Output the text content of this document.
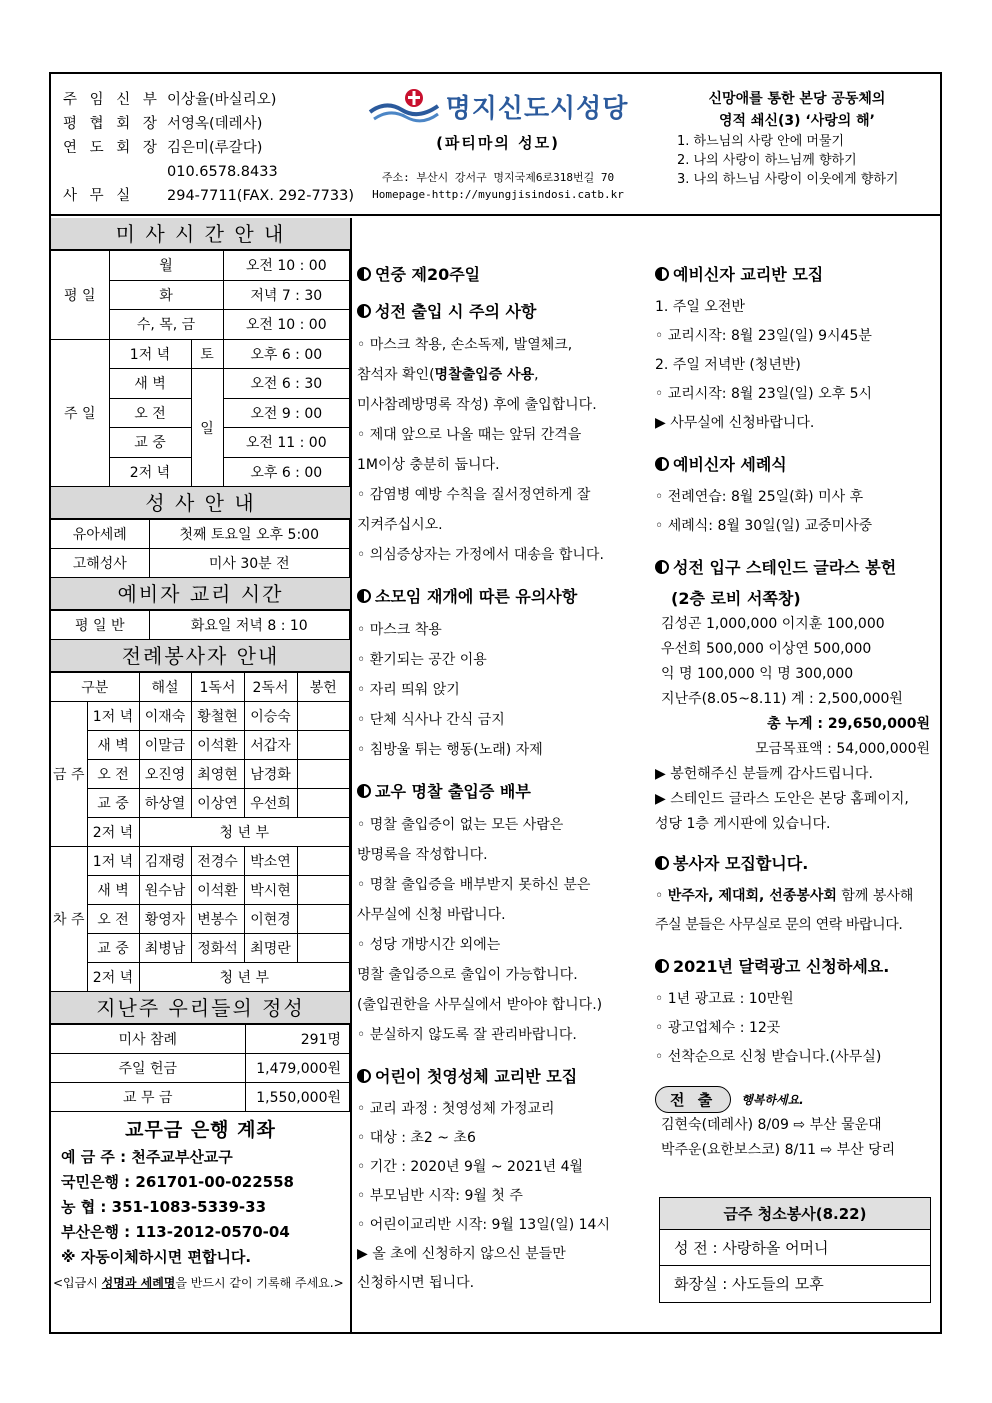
주 임 신 부 이상율(바실리오)
평 협 회 장 서영옥(데레사)
연 도 회 장 김은미(루갈다)
010.6578.8433
사 무 실	294-7711(FAX. 292-7733)
명지신도시성당
(파티마의 성모)
주소: 부산시 강서구 명지국제6로318번길 70
Homepage-http://myungjisindosi.catb.kr
신망애를 통한 본당 공동체의
영적 쇄신(3) ‘사랑의 해’
1. 하느님의 사랑 안에 머물기
2. 나의 사랑이 하느님께 향하기
3. 나의 하느님 사랑이 이웃에게 향하기
미 사 시 간 안 내
평 일	월		오전 10 : 00
	화		저녁 7 : 30
	수, 목, 금		오전 10 : 00
주 일	1저 녁	토	오후 6 : 00
	새 벽	일	오전 6 : 30
	오 전		오전 9 : 00
	교 중		오전 11 : 00
	2저 녁		오후 6 : 00
성 사 안 내
유아세례	첫째 토요일 오후 5:00
고해성사	미사 30분 전
예비자 교리 시간
평 일 반	화요일 저녁 8 : 10
전례봉사자 안내
구분		해설	1독서	2독서	봉헌
금 주	1저 녁	이재숙	황철현	이승숙	
	새 벽	이말금	이석환	서갑자	
	오 전	오진영	최영현	남경화	
	교 중	하상열	이상연	우선희	
	2저 녁	청 년 부			
차 주	1저 녁	김재령	전경수	박소연	
	새 벽	원수남	이석환	박시현	
	오 전	황영자	변봉수	이현경	
	교 중	최병남	정화석	최명란	
	2저 녁	청 년 부			
지난주 우리들의 정성
미사 참례	291명
주일 헌금	1,479,000원
교 무 금	1,550,000원
교무금 은행 계좌
예 금 주 : 천주교부산교구
국민은행 : 261701-00-022558
농 협 : 351-1083-5339-33
부산은행 : 113-2012-0570-04
※ 자동이체하시면 편합니다.
<입금시 성명과 세례명을 반드시 같이 기록해 주세요.>
연중 제20주일
성전 출입 시 주의 사항
◦ 마스크 착용, 손소독제, 발열체크,
참석자 확인(명찰출입증 사용,
미사참례방명록 작성) 후에 출입합니다.
◦ 제대 앞으로 나올 때는 앞뒤 간격을
1M이상 충분히 둡니다.
◦ 감염병 예방 수칙을 질서정연하게 잘
지켜주십시오.
◦ 의심증상자는 가정에서 대송을 합니다.
소모임 재개에 따른 유의사항
◦ 마스크 착용
◦ 환기되는 공간 이용
◦ 자리 띄워 앉기
◦ 단체 식사나 간식 금지
◦ 침방울 튀는 행동(노래) 자제
교우 명찰 출입증 배부
◦ 명찰 출입증이 없는 모든 사람은
방명록을 작성합니다.
◦ 명찰 출입증을 배부받지 못하신 분은
사무실에 신청 바랍니다.
◦ 성당 개방시간 외에는
명찰 출입증으로 출입이 가능합니다.
(출입권한을 사무실에서 받아야 합니다.)
◦ 분실하지 않도록 잘 관리바랍니다.
어린이 첫영성체 교리반 모집
◦ 교리 과정 : 첫영성체 가정교리
◦ 대상 : 초2 ~ 초6
◦ 기간 : 2020년 9월 ~ 2021년 4월
◦ 부모님반 시작: 9월 첫 주
◦ 어린이교리반 시작: 9월 13일(일) 14시
▶ 올 초에 신청하지 않으신 분들만
신청하시면 됩니다.
예비신자 교리반 모집
1. 주일 오전반
◦ 교리시작: 8월 23일(일) 9시45분
2. 주일 저녁반 (청년반)
◦ 교리시작: 8월 23일(일) 오후 5시
▶ 사무실에 신청바랍니다.
예비신자 세례식
◦ 전례연습: 8월 25일(화) 미사 후
◦ 세례식: 8월 30일(일) 교중미사중
성전 입구 스테인드 글라스 봉헌
(2층 로비 서쪽창)
김성곤 1,000,000 이지훈 100,000
우선희 500,000 이상연 500,000
익 명 100,000 익 명 300,000
지난주(8.05~8.11) 계 : 2,500,000원
총 누계 : 29,650,000원
모금목표액 : 54,000,000원
▶ 봉헌해주신 분들께 감사드립니다.
▶ 스테인드 글라스 도안은 본당 홈페이지,
성당 1층 게시판에 있습니다.
봉사자 모집합니다.
◦ 반주자, 제대회, 선종봉사회 함께 봉사해
주실 분들은 사무실로 문의 연락 바랍니다.
2021년 달력광고 신청하세요.
◦ 1년 광고료 : 10만원
◦ 광고업체수 : 12곳
◦ 선착순으로 신청 받습니다.(사무실)
전 출	행복하세요.
김현숙(데레사) 8/09 ⇨ 부산 물운대
박주운(요한보스코) 8/11 ⇨ 부산 당리
금주 청소봉사(8.22)
성 전 : 사랑하올 어머니
화장실 : 사도들의 모후
